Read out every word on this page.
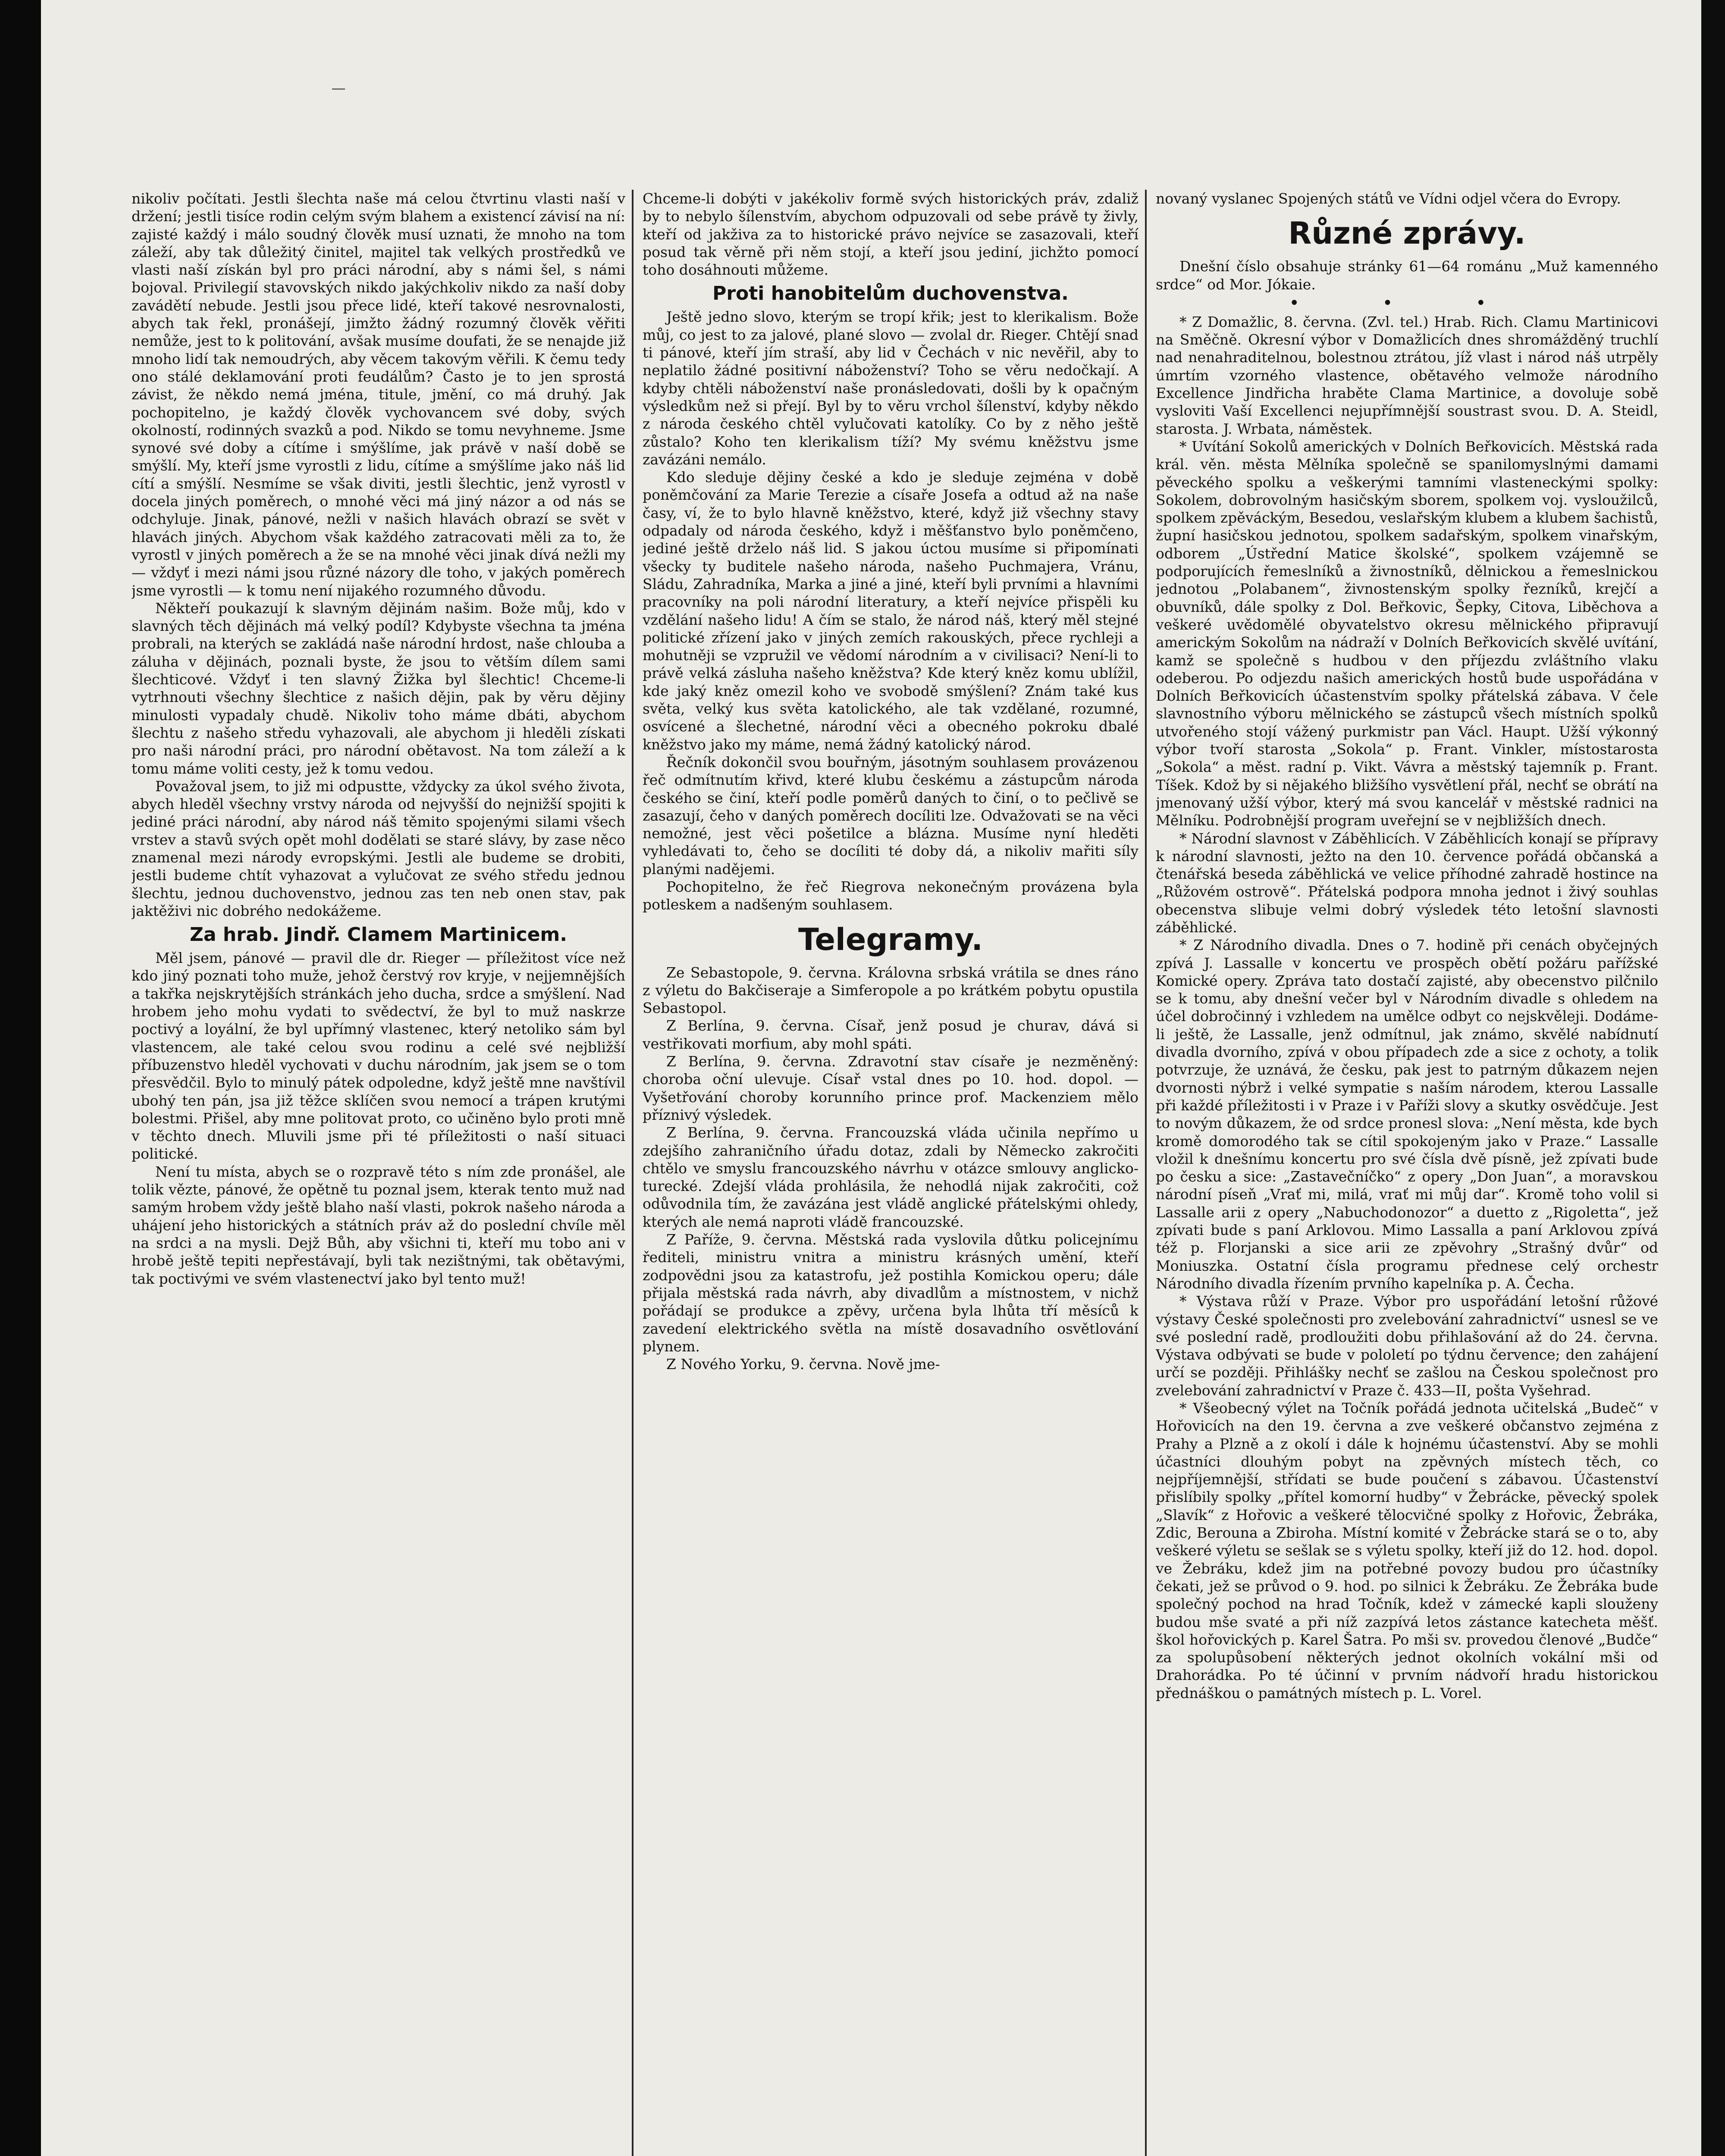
nikoliv počítati. Jestli šlechta naše má celou čtvrtinu vlasti naší v držení; jestli tisíce rodin celým svým blahem a existencí závisí na ní: zajisté každý i málo soudný člověk musí uznati, že mnoho na tom záleží, aby tak důležitý činitel, majitel tak velkých prostředků ve vlasti naší získán byl pro práci národní, aby s námi šel, s námi bojoval. Privilegií stavovských nikdo jakýchkoliv nikdo za naší doby zavádětí nebude. Jestli jsou přece lidé, kteří takové nesrovnalosti, abych tak řekl, pronášejí, jimžto žádný rozumný člověk věřiti nemůže, jest to k politování, avšak musíme doufati, že se nenajde již mnoho lidí tak nemoudrých, aby věcem takovým věřili. K čemu tedy ono stálé deklamování proti feudálům? Často je to jen sprostá závist, že někdo nemá jména, titule, jmění, co má druhý. Jak pochopitelno, je každý člověk vychovancem své doby, svých okolností, rodinných svazků a pod. Nikdo se tomu nevyhneme. Jsme synové své doby a cítíme i smýšlíme, jak právě v naší době se smýšlí. My, kteří jsme vyrostli z lidu, cítíme a smýšlíme jako náš lid cítí a smýšlí. Nesmíme se však diviti, jestli šlechtic, jenž vyrostl v docela jiných poměrech, o mnohé věci má jiný názor a od nás se odchyluje. Jinak, pánové, nežli v našich hlavách obrazí se svět v hlavách jiných. Abychom však každého zatracovati měli za to, že vyrostl v jiných poměrech a že se na mnohé věci jinak dívá nežli my — vždyť i mezi námi jsou různé názory dle toho, v jakých poměrech jsme vyrostli — k tomu není nijakého rozumného důvodu.

Někteří poukazují k slavným dějinám našim. Bože můj, kdo v slavných těch dějinách má velký podíl? Kdybyste všechna ta jména probrali, na kterých se zakládá naše národní hrdost, naše chlouba a záluha v dějinách, poznali byste, že jsou to větším dílem sami šlechticové. Vždyť i ten slavný Žižka byl šlechtic! Chceme-li vytrhnouti všechny šlechtice z našich dějin, pak by věru dějiny minulosti vypadaly chudě. Nikoliv toho máme dbáti, abychom šlechtu z našeho středu vyhazovali, ale abychom ji hleděli získati pro naši národní práci, pro národní obětavost. Na tom záleží a k tomu máme voliti cesty, jež k tomu vedou.

Považoval jsem, to již mi odpustte, vždycky za úkol svého života, abych hleděl všechny vrstvy národa od nejvyšší do nejnižší spojiti k jediné práci národní, aby národ náš těmito spojenými silami všech vrstev a stavů svých opět mohl dodělati se staré slávy, by zase něco znamenal mezi národy evropskými. Jestli ale budeme se drobiti, jestli budeme chtít vyhazovat a vylučovat ze svého středu jednou šlechtu, jednou duchovenstvo, jednou zas ten neb onen stav, pak jaktěživi nic dobrého nedokážeme.

Za hrab. Jindř. Clamem Martinicem.

Měl jsem, pánové — pravil dle dr. Rieger — příležitost více než kdo jiný poznati toho muže, jehož čerstvý rov kryje, v nejjemnějších a takřka nejskrytějších stránkách jeho ducha, srdce a smýšlení. Nad hrobem jeho mohu vydati to svědectví, že byl to muž naskrze poctivý a loyální, že byl upřímný vlastenec, který netoliko sám byl vlastencem, ale také celou svou rodinu a celé své nejbližší příbuzenstvo hleděl vychovati v duchu národním, jak jsem se o tom přesvědčil. Bylo to minulý pátek odpoledne, když ještě mne navštívil ubohý ten pán, jsa již těžce sklíčen svou nemocí a trápen krutými bolestmi. Přišel, aby mne politovat proto, co učiněno bylo proti mně v těchto dnech. Mluvili jsme při té příležitosti o naší situaci politické.

Není tu místa, abych se o rozpravě této s ním zde pronášel, ale tolik vězte, pánové, že opětně tu poznal jsem, kterak tento muž nad samým hrobem vždy ještě blaho naší vlasti, pokrok našeho národa a uhájení jeho historických a státních práv až do poslední chvíle měl na srdci a na mysli. Dejž Bůh, aby všichni ti, kteří mu tobo ani v hrobě ještě tepiti nepřestávají, byli tak nezištnými, tak obětavými, tak poctivými ve svém vlastenectví jako byl tento muž!

Chceme-li dobýti v jakékoliv formě svých historických práv, zdaliž by to nebylo šílenstvím, abychom odpuzovali od sebe právě ty živly, kteří od jakživa za to historické právo nejvíce se zasazovali, kteří posud tak věrně při něm stojí, a kteří jsou jediní, jichžto pomocí toho dosáhnouti můžeme.

Proti hanobitelům duchovenstva.

Ještě jedno slovo, kterým se tropí křik; jest to klerikalism. Bože můj, co jest to za jalové, plané slovo — zvolal dr. Rieger. Chtějí snad ti pánové, kteří jím straší, aby lid v Čechách v nic nevěřil, aby to neplatilo žádné positivní náboženství? Toho se věru nedočkají. A kdyby chtěli náboženství naše pronásledovati, došli by k opačným výsledkům než si přejí. Byl by to věru vrchol šílenství, kdyby někdo z národa českého chtěl vylučovati katolíky. Co by z něho ještě zůstalo? Koho ten klerikalism tíží? My svému kněžstvu jsme zavázáni nemálo.

Kdo sleduje dějiny české a kdo je sleduje zejména v době poněmčování za Marie Terezie a císaře Josefa a odtud až na naše časy, ví, že to bylo hlavně kněžstvo, které, když již všechny stavy odpadaly od národa českého, když i měšťanstvo bylo poněmčeno, jediné ještě drželo náš lid. S jakou úctou musíme si připomínati všecky ty buditele našeho národa, našeho Puchmajera, Vránu, Sládu, Zahradníka, Marka a jiné a jiné, kteří byli prvními a hlavními pracovníky na poli národní literatury, a kteří nejvíce přispěli ku vzdělání našeho lidu! A čím se stalo, že národ náš, který měl stejné politické zřízení jako v jiných zemích rakouských, přece rychleji a mohutněji se vzpružil ve vědomí národním a v civilisaci? Není-li to právě velká zásluha našeho kněžstva? Kde který kněz komu ublížil, kde jaký kněz omezil koho ve svobodě smýšlení? Znám také kus světa, velký kus světa katolického, ale tak vzdělané, rozumné, osvícené a šlechetné, národní věci a obecného pokroku dbalé kněžstvo jako my máme, nemá žádný katolický národ.

Řečník dokončil svou bouřným, jásotným souhlasem provázenou řeč odmítnutím křivd, které klubu českému a zástupcům národa českého se činí, kteří podle poměrů daných to činí, o to pečlivě se zasazují, čeho v daných poměrech docíliti lze. Odvažovati se na věci nemožné, jest věci pošetilce a blázna. Musíme nyní hleděti vyhledávati to, čeho se docíliti té doby dá, a nikoliv mařiti síly planými nadějemi.

Pochopitelno, že řeč Riegrova nekonečným provázena byla potleskem a nadšeným souhlasem.

Telegramy.

Ze Sebastopole, 9. června. Královna srbská vrátila se dnes ráno z výletu do Bakčiseraje a Simferopole a po krátkém pobytu opustila Sebastopol.

Z Berlína, 9. června. Císař, jenž posud je churav, dává si vestřikovati morfium, aby mohl spáti.

Z Berlína, 9. června. Zdravotní stav císaře je nezměněný: choroba oční ulevuje. Císař vstal dnes po 10. hod. dopol. — Vyšetřování choroby korunního prince prof. Mackenziem mělo příznivý výsledek.

Z Berlína, 9. června. Francouzská vláda učinila nepřímo u zdejšího zahraničního úřadu dotaz, zdali by Německo zakročiti chtělo ve smyslu francouzského návrhu v otázce smlouvy anglicko-turecké. Zdejší vláda prohlásila, že nehodlá nijak zakročiti, což odůvodnila tím, že zavázána jest vládě anglické přátelskými ohledy, kterých ale nemá naproti vládě francouzské.

Z Paříže, 9. června. Městská rada vyslovila důtku policejnímu řediteli, ministru vnitra a ministru krásných umění, kteří zodpovědni jsou za katastrofu, jež postihla Komickou operu; dále přijala městská rada návrh, aby divadlům a místnostem, v nichž pořádají se produkce a zpěvy, určena byla lhůta tří měsíců k zavedení elektrického světla na místě dosavadního osvětlování plynem.

Z Nového Yorku, 9. června. Nově jme-

novaný vyslanec Spojených států ve Vídni odjel včera do Evropy.

Různé zprávy.

Dnešní číslo obsahuje stránky 61—64 románu „Muž kamenného srdce“ od Mor. Jókaie.

• • •

* Z Domažlic, 8. června. (Zvl. tel.) Hrab. Rich. Clamu Martinicovi na Směčně. Okresní výbor v Domažlicích dnes shromážděný truchlí nad nenahraditelnou, bolestnou ztrátou, jíž vlast i národ náš utrpěly úmrtím vzorného vlastence, obětavého velmože národního Excellence Jindřicha hraběte Clama Martinice, a dovoluje sobě vysloviti Vaší Excellenci nejupřímnější soustrast svou. D. A. Steidl, starosta. J. Wrbata, náměstek.

* Uvítání Sokolů amerických v Dolních Beřkovicích. Městská rada král. věn. města Mělníka společně se spanilomyslnými damami pěveckého spolku a veškerými tamními vlasteneckými spolky: Sokolem, dobrovolným hasičským sborem, spolkem voj. vysloužilců, spolkem zpěváckým, Besedou, veslařským klubem a klubem šachistů, župní hasičskou jednotou, spolkem sadařským, spolkem vinařským, odborem „Ústřední Matice školské“, spolkem vzájemně se podporujících řemeslníků a živnostníků, dělnickou a řemeslnickou jednotou „Polabanem“, živnostenským spolky řezníků, krejčí a obuvníků, dále spolky z Dol. Beřkovic, Šepky, Citova, Liběchova a veškeré uvědomělé obyvatelstvo okresu mělnického připravují americkým Sokolům na nádraží v Dolních Beřkovicích skvělé uvítání, kamž se společně s hudbou v den příjezdu zvláštního vlaku odeberou. Po odjezdu našich amerických hostů bude uspořádána v Dolních Beřkovicích účastenstvím spolky přátelská zábava. V čele slavnostního výboru mělnického se zástupců všech místních spolků utvořeného stojí vážený purkmistr pan Václ. Haupt. Užší výkonný výbor tvoří starosta „Sokola“ p. Frant. Vinkler, místostarosta „Sokola“ a měst. radní p. Vikt. Vávra a městský tajemník p. Frant. Tíšek. Kdož by si nějakého bližšího vysvětlení přál, nechť se obrátí na jmenovaný užší výbor, který má svou kancelář v městské radnici na Mělníku. Podrobnější program uveřejní se v nejbližších dnech.

* Národní slavnost v Záběhlicích. V Záběhlicích konají se přípravy k národní slavnosti, ježto na den 10. července pořádá občanská a čtenářská beseda záběhlická ve velice příhodné zahradě hostince na „Růžovém ostrově“. Přátelská podpora mnoha jednot i živý souhlas obecenstva slibuje velmi dobrý výsledek této letošní slavnosti záběhlické.

* Z Národního divadla. Dnes o 7. hodině při cenách obyčejných zpívá J. Lassalle v koncertu ve prospěch obětí požáru pařížské Komické opery. Zpráva tato dostačí zajisté, aby obecenstvo pilčnilo se k tomu, aby dnešní večer byl v Národním divadle s ohledem na účel dobročinný i vzhledem na umělce odbyt co nejskvěleji. Dodáme-li ještě, že Lassalle, jenž odmítnul, jak známo, skvělé nabídnutí divadla dvorního, zpívá v obou případech zde a sice z ochoty, a tolik potvrzuje, že uznává, že česku, pak jest to patrným důkazem nejen dvornosti nýbrž i velké sympatie s naším národem, kterou Lassalle při každé příležitosti i v Praze i v Paříži slovy a skutky osvědčuje. Jest to novým důkazem, že od srdce pronesl slova: „Není města, kde bych kromě domorodého tak se cítil spokojeným jako v Praze.“ Lassalle vložil k dnešnímu koncertu pro své čísla dvě písně, jež zpívati bude po česku a sice: „Zastavečníčko“ z opery „Don Juan“, a moravskou národní píseň „Vrať mi, milá, vrať mi můj dar“. Kromě toho volil si Lassalle arii z opery „Nabuchodonozor“ a duetto z „Rigoletta“, jež zpívati bude s paní Arklovou. Mimo Lassalla a paní Arklovou zpívá též p. Florjanski a sice arii ze zpěvohry „Strašný dvůr“ od Moniuszka. Ostatní čísla programu přednese celý orchestr Národního divadla řízením prvního kapelníka p. A. Čecha.

* Výstava růží v Praze. Výbor pro uspořádání letošní růžové výstavy České společnosti pro zvelebování zahradnictví“ usnesl se ve své poslední radě, prodloužiti dobu přihlašování až do 24. června. Výstava odbývati se bude v pololetí po týdnu července; den zahájení určí se později. Přihlášky nechť se zašlou na Českou společnost pro zvelebování zahradnictví v Praze č. 433—II, pošta Vyšehrad.

* Všeobecný výlet na Točník pořádá jednota učitelská „Budeč“ v Hořovicích na den 19. června a zve veškeré občanstvo zejména z Prahy a Plzně a z okolí i dále k hojnému účastenství. Aby se mohli účastníci dlouhým pobyt na zpěvných místech těch, co nejpříjemnější, střídati se bude poučení s zábavou. Účastenství přislíbily spolky „přítel komorní hudby“ v Žebrácke, pěvecký spolek „Slavík“ z Hořovic a veškeré tělocvičné spolky z Hořovic, Žebráka, Zdic, Berouna a Zbiroha. Místní komité v Žebrácke stará se o to, aby veškeré výletu se sešlak se s výletu spolky, kteří již do 12. hod. dopol. ve Žebráku, kdež jim na potřebné povozy budou pro účastníky čekati, jež se průvod o 9. hod. po silnici k Žebráku. Ze Žebráka bude společný pochod na hrad Točník, kdež v zámecké kapli slouženy budou mše svaté a při níž zazpívá letos zástance katecheta měšť. škol hořovických p. Karel Šatra. Po mši sv. provedou členové „Budče“ za spolupůsobení některých jednot okolních vokální mši od Drahorádka. Po té účinní v prvním nádvoří hradu historickou přednáškou o památných místech p. L. Vorel.
